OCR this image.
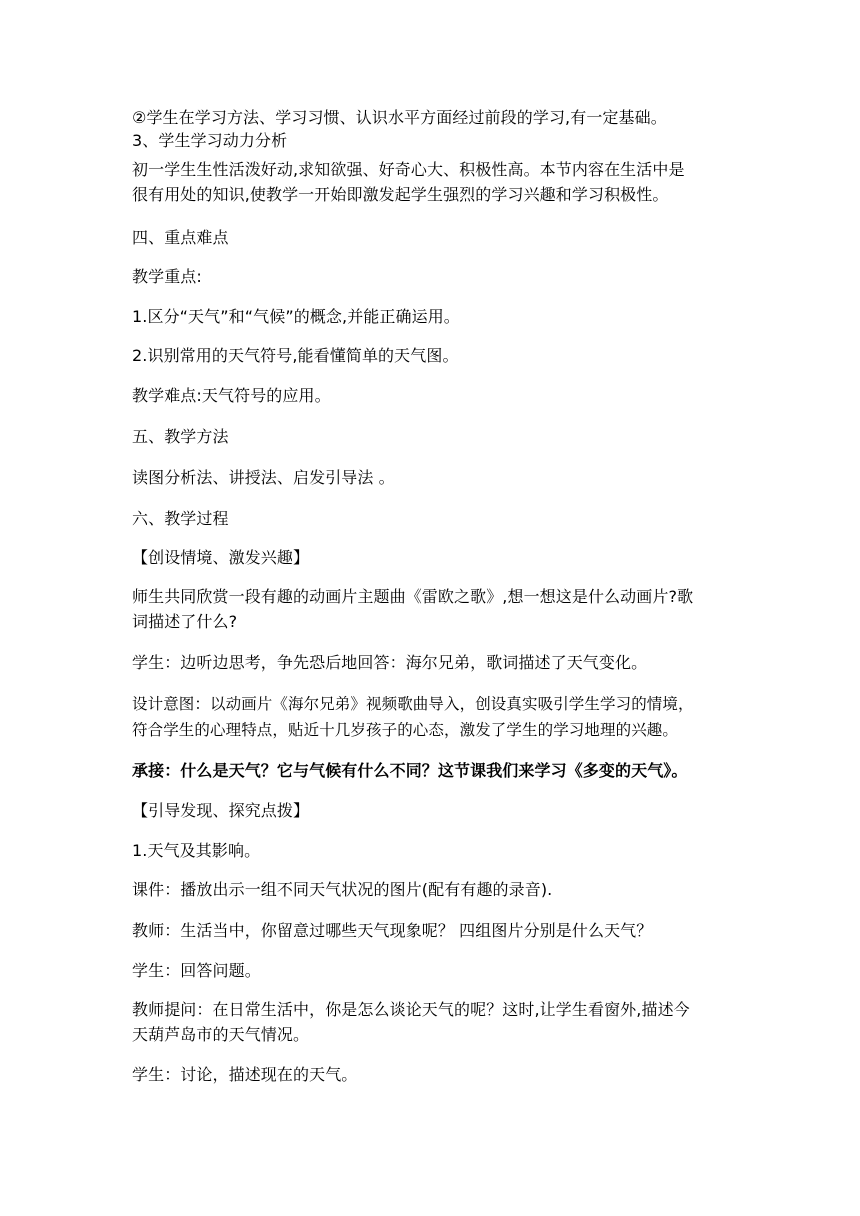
②学生在学习方法、学习习惯、认识水平方面经过前段的学习,有一定基础。
3、学生学习动力分析
初一学生生性活泼好动,求知欲强、好奇心大、积极性高。本节内容在生活中是
很有用处的知识,使教学一开始即激发起学生强烈的学习兴趣和学习积极性。
四、重点难点
教学重点:
1.区分“天气”和“气候”的概念,并能正确运用。
2.识别常用的天气符号,能看懂简单的天气图。
教学难点:天气符号的应用。
五、教学方法
读图分析法、讲授法、启发引导法 。
六、教学过程
【创设情境、激发兴趣】
师生共同欣赏一段有趣的动画片主题曲《雷欧之歌》,想一想这是什么动画片?歌
词描述了什么?
学生：边听边思考，争先恐后地回答：海尔兄弟，歌词描述了天气变化。
设计意图：以动画片《海尔兄弟》视频歌曲导入，创设真实吸引学生学习的情境，
符合学生的心理特点，贴近十几岁孩子的心态，激发了学生的学习地理的兴趣。
承接：什么是天气？它与气候有什么不同？这节课我们来学习《多变的天气》。
【引导发现、探究点拨】
1.天气及其影响。
课件：播放出示一组不同天气状况的图片(配有有趣的录音).
教师：生活当中，你留意过哪些天气现象呢？ 四组图片分别是什么天气？
学生：回答问题。
教师提问：在日常生活中，你是怎么谈论天气的呢？这时,让学生看窗外,描述今
天葫芦岛市的天气情况。
学生：讨论，描述现在的天气。
